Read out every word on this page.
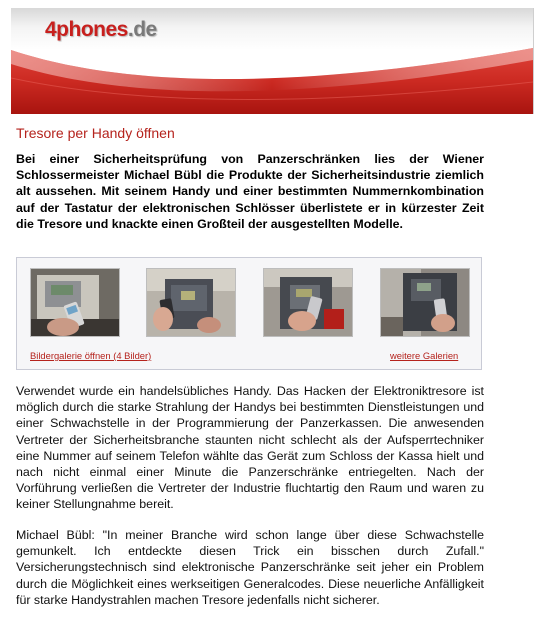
4phones.de
Tresore per Handy öffnen

Bei einer Sicherheitsprüfung von Panzerschränken lies der Wiener Schlossermeister Michael Bübl die Produkte der Sicherheitsindustrie ziemlich alt aussehen. Mit seinem Handy und einer bestimmten Nummernkombination auf der Tastatur der elektronischen Schlösser überlistete er in kürzester Zeit die Tresore und knackte einen Großteil der ausgestellten Modelle.

Bildergalerie öffnen (4 Bilder)	weitere Galerien

Verwendet wurde ein handelsübliches Handy. Das Hacken der Elektroniktresore ist möglich durch die starke Strahlung der Handys bei bestimmten Dienstleistungen und einer Schwachstelle in der Programmierung der Panzerkassen. Die anwesenden Vertreter der Sicherheitsbranche staunten nicht schlecht als der Aufsperrtechniker eine Nummer auf seinem Telefon wählte das Gerät zum Schloss der Kassa hielt und nach nicht einmal einer Minute die Panzerschränke entriegelten. Nach der Vorführung verließen die Vertreter der Industrie fluchtartig den Raum und waren zu keiner Stellungnahme bereit.

Michael Bübl: "In meiner Branche wird schon lange über diese Schwachstelle gemunkelt. Ich entdeckte diesen Trick ein bisschen durch Zufall." Versicherungstechnisch sind elektronische Panzerschränke seit jeher ein Problem durch die Möglichkeit eines werkseitigen Generalcodes. Diese neuerliche Anfälligkeit für starke Handystrahlen machen Tresore jedenfalls nicht sicherer.
